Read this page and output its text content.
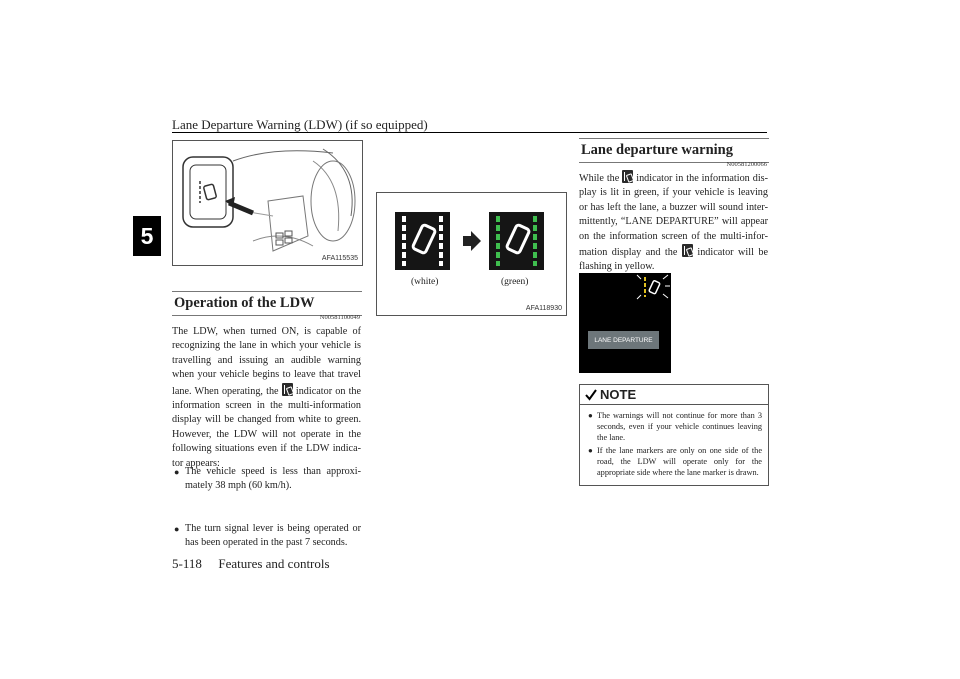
Lane Departure Warning (LDW) (if so equipped)
5
AFA115535
Operation of the LDW
N00581100049
The LDW, when turned ON, is capable of recognizing the lane in which your vehicle is travelling and issuing an audible warning when your vehicle begins to leave that travel lane. When operating, the indicator on the information screen in the multi-information display will be changed from white to green. However, the LDW will not operate in the following situations even if the LDW indica-tor appears:
● The vehicle speed is less than approxi-mately 38 mph (60 km/h).
● The turn signal lever is being operated or has been operated in the past 7 seconds.
(white)	(green)
AFA118930
Lane departure warning
N00581200066
While the indicator in the information dis-play is lit in green, if your vehicle is leaving or has left the lane, a buzzer will sound inter-mittently, “LANE DEPARTURE” will appear on the information screen of the multi-infor-mation display and the indicator will be flashing in yellow.
LANE DEPARTURE
NOTE
● The warnings will not continue for more than 3 seconds, even if your vehicle continues leaving the lane.
● If the lane markers are only on one side of the road, the LDW will operate only for the appropriate side where the lane marker is drawn.
5-118 Features and controls
